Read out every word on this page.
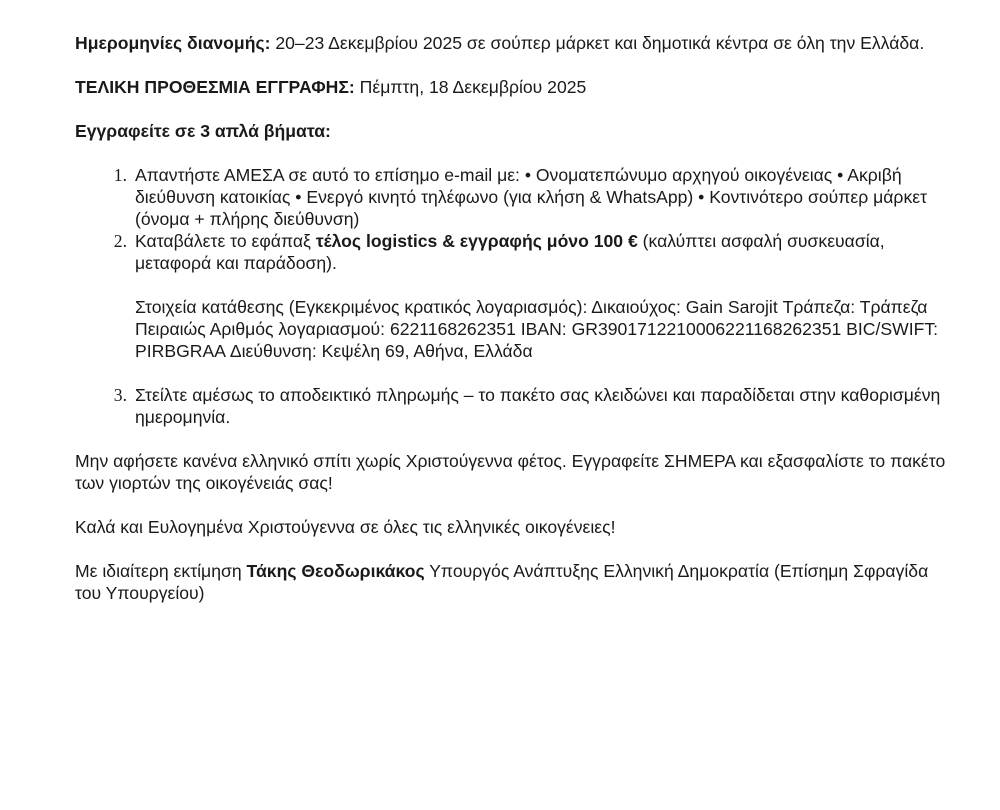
Ημερομηνίες διανομής: 20–23 Δεκεμβρίου 2025 σε σούπερ μάρκετ και δημοτικά κέντρα σε όλη την Ελλάδα.

ΤΕΛΙΚΗ ΠΡΟΘΕΣΜΙΑ ΕΓΓΡΑΦΗΣ: Πέμπτη, 18 Δεκεμβρίου 2025

Εγγραφείτε σε 3 απλά βήματα:

Απαντήστε ΑΜΕΣΑ σε αυτό το επίσημο e-mail με: • Ονοματεπώνυμο αρχηγού οικογένειας • Ακριβή διεύθυνση κατοικίας • Ενεργό κινητό τηλέφωνο (για κλήση & WhatsApp) • Κοντινότερο σούπερ μάρκετ (όνομα + πλήρης διεύθυνση)
Καταβάλετε το εφάπαξ τέλος logistics & εγγραφής μόνο 100 € (καλύπτει ασφαλή συσκευασία, μεταφορά και παράδοση).

Στοιχεία κατάθεσης (Εγκεκριμένος κρατικός λογαριασμός): Δικαιούχος: Gain Sarojit Τράπεζα: Τράπεζα Πειραιώς Αριθμός λογαριασμού: 6221168262351 IBAN: GR3901712210006221168262351 BIC/SWIFT: PIRBGRAA Διεύθυνση: Κεψέλη 69, Αθήνα, Ελλάδα

Στείλτε αμέσως το αποδεικτικό πληρωμής – το πακέτο σας κλειδώνει και παραδίδεται στην καθορισμένη ημερομηνία.

Μην αφήσετε κανένα ελληνικό σπίτι χωρίς Χριστούγεννα φέτος. Εγγραφείτε ΣΗΜΕΡΑ και εξασφαλίστε το πακέτο των γιορτών της οικογένειάς σας!

Καλά και Ευλογημένα Χριστούγεννα σε όλες τις ελληνικές οικογένειες!

Με ιδιαίτερη εκτίμηση Τάκης Θεοδωρικάκος Υπουργός Ανάπτυξης Ελληνική Δημοκρατία (Επίσημη Σφραγίδα του Υπουργείου)
